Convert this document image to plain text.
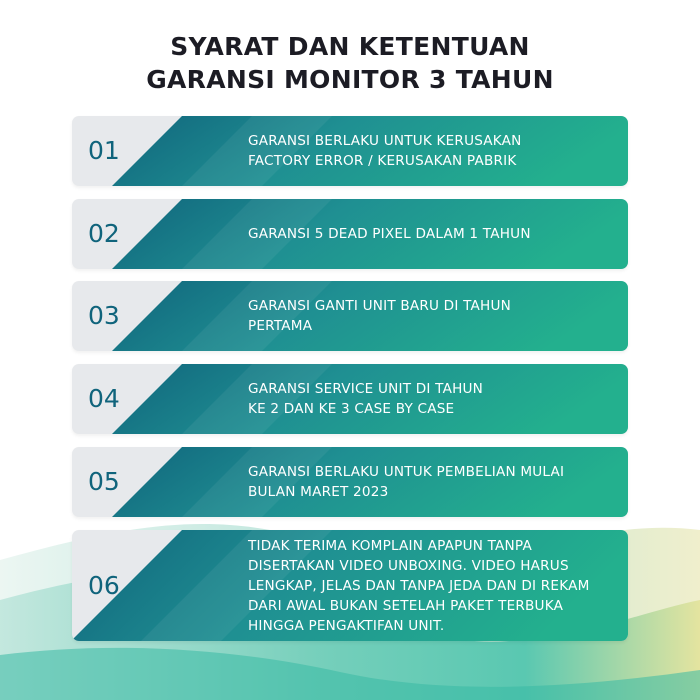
SYARAT DAN KETENTUAN
GARANSI MONITOR 3 TAHUN
01	GARANSI BERLAKU UNTUK KERUSAKAN
FACTORY ERROR / KERUSAKAN PABRIK
02	GARANSI 5 DEAD PIXEL DALAM 1 TAHUN
03	GARANSI GANTI UNIT BARU DI TAHUN
PERTAMA
04	GARANSI SERVICE UNIT DI TAHUN
KE 2 DAN KE 3 CASE BY CASE
05	GARANSI BERLAKU UNTUK PEMBELIAN MULAI
BULAN MARET 2023
06
TIDAK TERIMA KOMPLAIN APAPUN TANPA
DISERTAKAN VIDEO UNBOXING. VIDEO HARUS
LENGKAP, JELAS DAN TANPA JEDA DAN DI REKAM
DARI AWAL BUKAN SETELAH PAKET TERBUKA
HINGGA PENGAKTIFAN UNIT.
